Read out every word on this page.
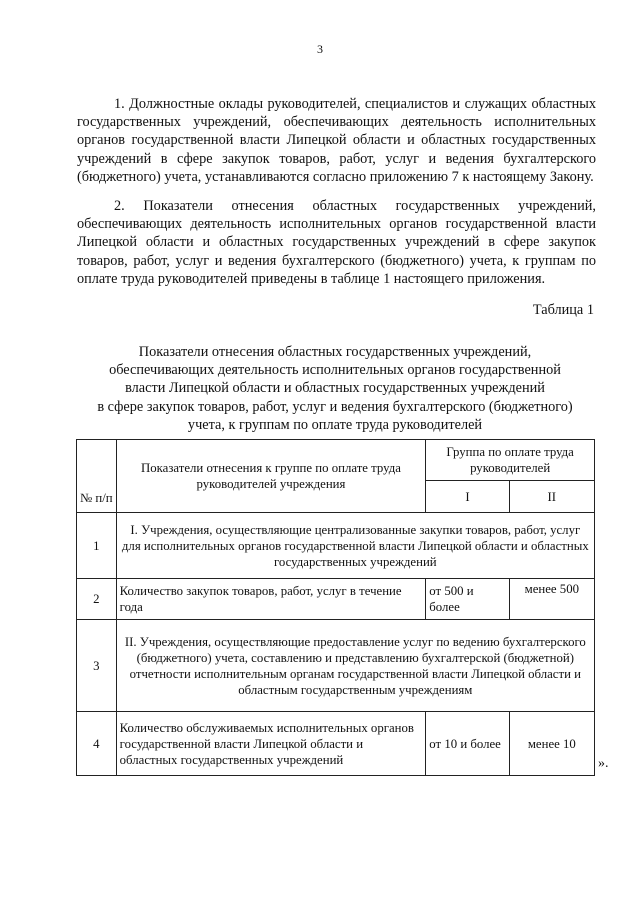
3

1. Должностные оклады руководителей, специалистов и служащих областных государственных учреждений, обеспечивающих деятельность исполнительных органов государственной власти Липецкой области и областных государственных учреждений в сфере закупок товаров, работ, услуг и ведения бухгалтерского (бюджетного) учета, устанавливаются согласно приложению 7 к настоящему Закону.

2. Показатели отнесения областных государственных учреждений, обеспечивающих деятельность исполнительных органов государственной власти Липецкой области и областных государственных учреждений в сфере закупок товаров, работ, услуг и ведения бухгалтерского (бюджетного) учета, к группам по оплате труда руководителей приведены в таблице 1 настоящего приложения.

Таблица 1
Показатели отнесения областных государственных учреждений,
обеспечивающих деятельность исполнительных органов государственной
власти Липецкой области и областных государственных учреждений
в сфере закупок товаров, работ, услуг и ведения бухгалтерского (бюджетного)
учета, к группам по оплате труда руководителей
№ п/п	Показатели отнесения к группе по оплате труда руководителей учреждения	Группа по оплате труда руководителей	
		I	II
1	I. Учреждения, осуществляющие централизованные закупки товаров, работ, услуг для исполнительных органов государственной власти Липецкой области и областных государственных учреждений		
2	Количество закупок товаров, работ, услуг в течение года	от 500 и более	менее 500
3	II. Учреждения, осуществляющие предоставление услуг по ведению бухгалтерского (бюджетного) учета, составлению и представлению бухгалтерской (бюджетной) отчетности исполнительным органам государственной власти Липецкой области и областным государственным учреждениям		
4	Количество обслуживаемых исполнительных органов государственной власти Липецкой области и областных государственных учреждений	от 10 и более	менее 10
».
